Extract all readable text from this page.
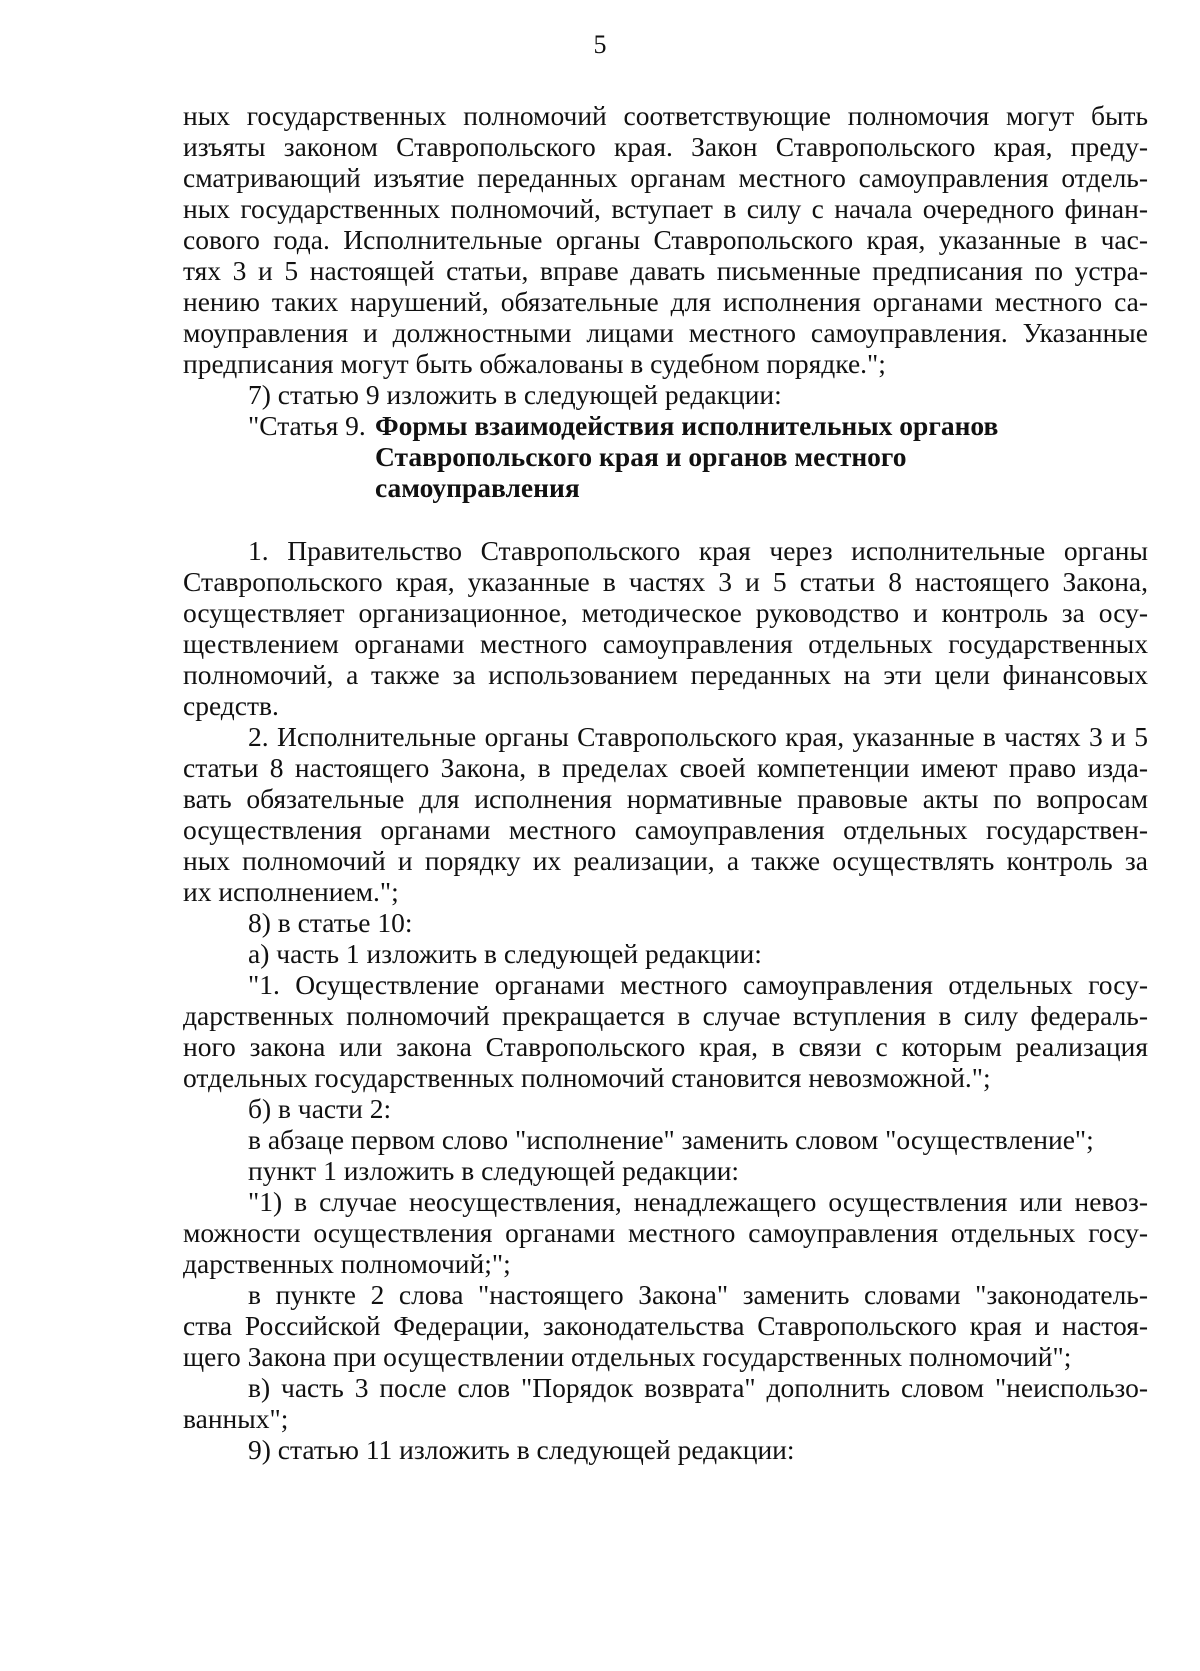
5
ных государственных полномочий соответствующие полномочия могут быть
изъяты законом Ставропольского края. Закон Ставропольского края, преду-
сматривающий изъятие переданных органам местного самоуправления отдель-
ных государственных полномочий, вступает в силу с начала очередного финан-
сового года. Исполнительные органы Ставропольского края, указанные в час-
тях 3 и 5 настоящей статьи, вправе давать письменные предписания по устра-
нению таких нарушений, обязательные для исполнения органами местного са-
моуправления и должностными лицами местного самоуправления. Указанные
предписания могут быть обжалованы в судебном порядке.";
7) статью 9 изложить в следующей редакции:
"Статья 9. Формы взаимодействия исполнительных органов
Ставропольского края и органов местного
самоуправления
1. Правительство Ставропольского края через исполнительные органы
Ставропольского края, указанные в частях 3 и 5 статьи 8 настоящего Закона,
осуществляет организационное, методическое руководство и контроль за осу-
ществлением органами местного самоуправления отдельных государственных
полномочий, а также за использованием переданных на эти цели финансовых
средств.
2. Исполнительные органы Ставропольского края, указанные в частях 3 и 5
статьи 8 настоящего Закона, в пределах своей компетенции имеют право изда-
вать обязательные для исполнения нормативные правовые акты по вопросам
осуществления органами местного самоуправления отдельных государствен-
ных полномочий и порядку их реализации, а также осуществлять контроль за
их исполнением.";
8) в статье 10:
а) часть 1 изложить в следующей редакции:
"1. Осуществление органами местного самоуправления отдельных госу-
дарственных полномочий прекращается в случае вступления в силу федераль-
ного закона или закона Ставропольского края, в связи с которым реализация
отдельных государственных полномочий становится невозможной.";
б) в части 2:
в абзаце первом слово "исполнение" заменить словом "осуществление";
пункт 1 изложить в следующей редакции:
"1) в случае неосуществления, ненадлежащего осуществления или невоз-
можности осуществления органами местного самоуправления отдельных госу-
дарственных полномочий;";
в пункте 2 слова "настоящего Закона" заменить словами "законодатель-
ства Российской Федерации, законодательства Ставропольского края и настоя-
щего Закона при осуществлении отдельных государственных полномочий";
в) часть 3 после слов "Порядок возврата" дополнить словом "неиспользо-
ванных";
9) статью 11 изложить в следующей редакции:
